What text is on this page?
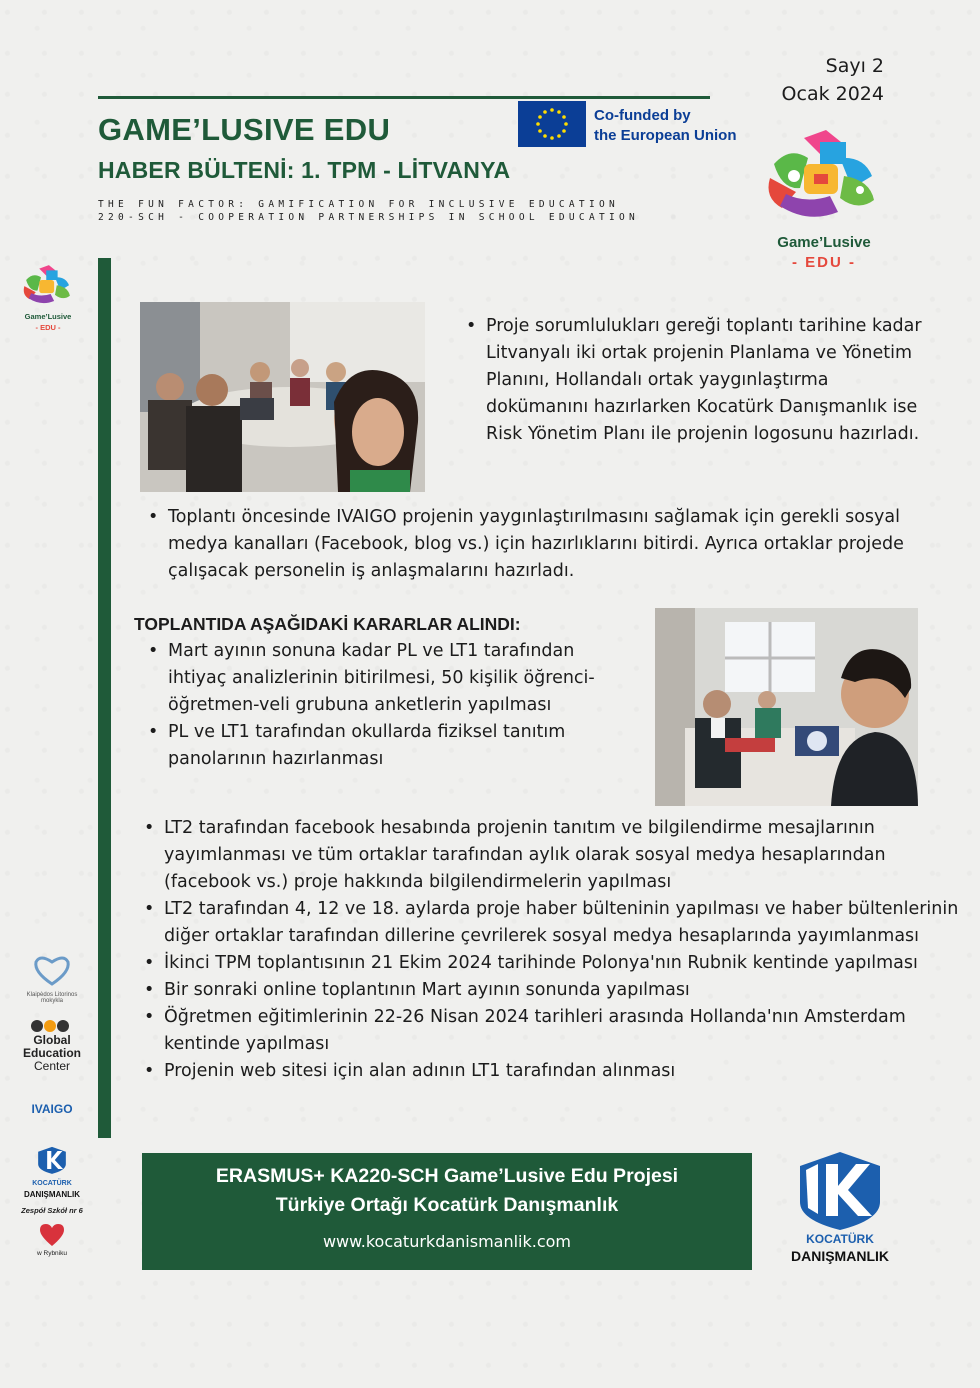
GAME’LUSIVE EDU
HABER BÜLTENİ: 1. TPM - LİTVANYA
THE FUN FACTOR: GAMIFICATION FOR INCLUSIVE EDUCATION
220-SCH - COOPERATION PARTNERSHIPS IN SCHOOL EDUCATION
Sayı 2
Ocak 2024
Co-funded by
the European Union
Game’Lusive
- EDU -
Game’Lusive
- EDU -
•	Proje sorumlulukları gereği toplantı tarihine kadar Litvanyalı iki ortak projenin Planlama ve Yönetim Planını, Hollandalı ortak yaygınlaştırma dokümanını hazırlarken Kocatürk Danışmanlık ise Risk Yönetim Planı ile projenin logosunu hazırladı.
• Toplantı öncesinde IVAIGO projenin yaygınlaştırılmasını sağlamak için gerekli sosyal medya kanalları (Facebook, blog vs.) için hazırlıklarını bitirdi. Ayrıca ortaklar projede çalışacak personelin iş anlaşmalarını hazırladı.
TOPLANTIDA AŞAĞIDAKİ KARARLAR ALINDI:
• Mart ayının sonuna kadar PL ve LT1 tarafından ihtiyaç analizlerinin bitirilmesi, 50 kişilik öğrenci-öğretmen-veli grubuna anketlerin yapılması
• PL ve LT1 tarafından okullarda fiziksel tanıtım panolarının hazırlanması
• LT2 tarafından facebook hesabında projenin tanıtım ve bilgilendirme mesajlarının yayımlanması ve tüm ortaklar tarafından aylık olarak sosyal medya hesaplarından (facebook vs.) proje hakkında bilgilendirmelerin yapılması
• LT2 tarafından 4, 12 ve 18. aylarda proje haber bülteninin yapılması ve haber bültenlerinin diğer ortaklar tarafından dillerine çevrilerek sosyal medya hesaplarında yayımlanması
• İkinci TPM toplantısının 21 Ekim 2024 tarihinde Polonya'nın Rubnik kentinde yapılması
• Bir sonraki online toplantının Mart ayının sonunda yapılması
• Öğretmen eğitimlerinin 22-26 Nisan 2024 tarihleri arasında Hollanda'nın Amsterdam kentinde yapılması
• Projenin web sitesi için alan adının LT1 tarafından alınması
ERASMUS+ KA220-SCH Game’Lusive Edu Projesi
Türkiye Ortağı Kocatürk Danışmanlık
www.kocaturkdanismanlik.com	KOCATÜRK
DANIŞMANLIK
Klaipėdos Litorinos mokykla
Global
Education
Center
IVAIGO
KOCATÜRK
DANIŞMANLIK
Zespół Szkół nr 6
w Rybniku
